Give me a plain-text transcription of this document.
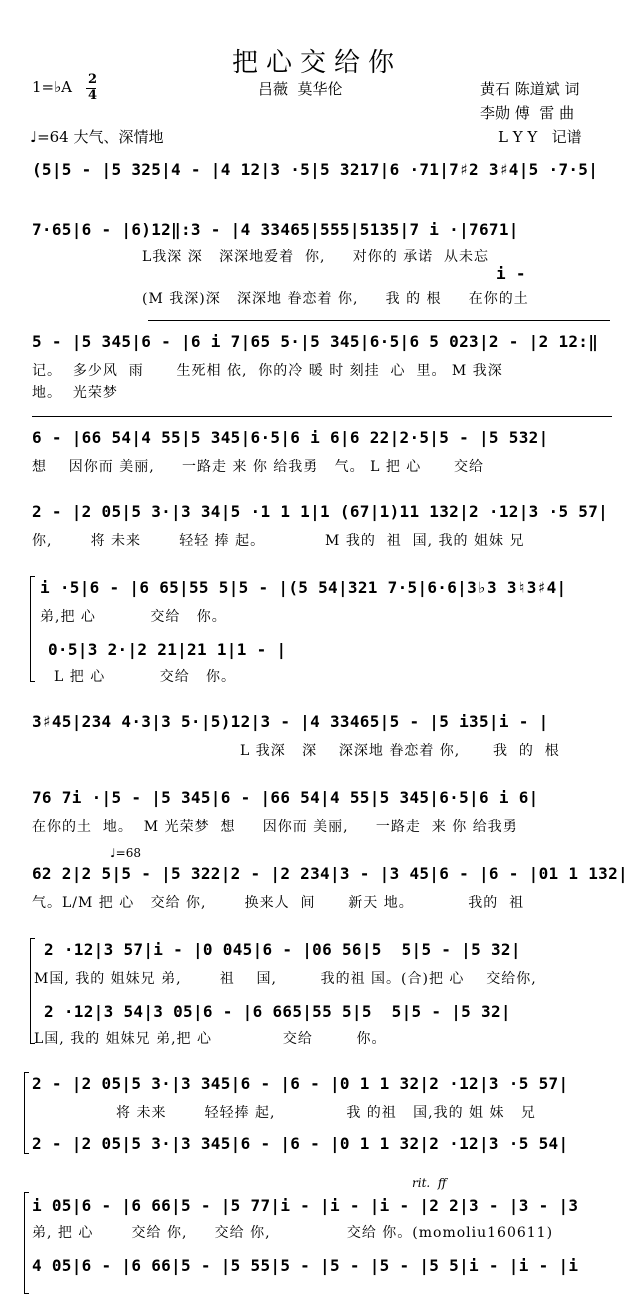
把心交给你
1=♭A 2
4	吕薇  莫华伦	黄石 陈道斌 词
李勋 傅  雷 曲
♩=64 大气、深情地	L Y Y   记谱
(5|5 - |5 325|4 - |4 12|3 ·5|5 3217|6 ·71|7♯2 3♯4|5 ·7·5|
7·65|6 - |6)12‖:3 - |4 33465|555|5135|7 i ·|7671|
L我深 深   深深地爱着  你,     对你的 承诺  从未忘
i -
(M 我深)深   深深地 眷恋着 你,     我 的 根     在你的土
5 - |5 345|6 - |6 i 7|65 5·|5 345|6·5|6 5 023|2 - |2 12:‖
记。  多少风  雨      生死相 依,  你的冷 暖 时 刻挂  心  里。 M 我深
地。  光荣梦
6 - |66 54|4 55|5 345|6·5|6 i 6|6 22|2·5|5 - |5 532|
想    因你而 美丽,     一路走 来 你 给我勇   气。 L 把 心      交给
2 - |2 05|5 3·|3 34|5 ·1 1 1|1 (67|1)11 132|2 ·12|3 ·5 57|
你,       将 未来       轻轻 捧 起。           M 我的  祖  国, 我的 姐妹 兄
i ·5|6 - |6 65|55 5|5 - |(5 54|321 7·5|6·6|3♭3 3♮3♯4|
弟,把 心          交给   你。
0·5|3 2·|2 21|21 1|1 - |
L 把 心          交给   你。
3♯45|234 4·3|3 5·|5)12|3 - |4 33465|5 - |5 i35|i - |
L 我深   深    深深地 眷恋着 你,      我  的  根
76 7i ·|5 - |5 345|6 - |66 54|4 55|5 345|6·5|6 i 6|
在你的土  地。  M 光荣梦  想     因你而 美丽,     一路走  来 你 给我勇
♩=68
62 2|2 5|5 - |5 322|2 - |2 234|3 - |3 45|6 - |6 - |01 1 132|
气。L/M 把 心   交给 你,       换来人  间      新天 地。          我的  祖
2 ·12|3 57|i - |0 045|6 - |06 56|5  5|5 - |5 32|
M国, 我的 姐妹兄 弟,       祖    国,        我的祖 国。(合)把 心    交给你,
2 ·12|3 54|3 05|6 - |6 665|55 5|5  5|5 - |5 32|
L国, 我的 姐妹兄 弟,把 心             交给        你。
2 - |2 05|5 3·|3 345|6 - |6 - |0 1 1 32|2 ·12|3 ·5 57|
将 未来       轻轻捧 起,             我 的祖   国,我的 姐 妹   兄
2 - |2 05|5 3·|3 345|6 - |6 - |0 1 1 32|2 ·12|3 ·5 54|
rit.  ff
i 05|6 - |6 66|5 - |5 77|i - |i - |i - |2 2|3 - |3 - |3
弟, 把 心       交给 你,     交给 你,              交给 你。(momoliu160611)
4 05|6 - |6 66|5 - |5 55|5 - |5 - |5 - |5 5|i - |i - |i
